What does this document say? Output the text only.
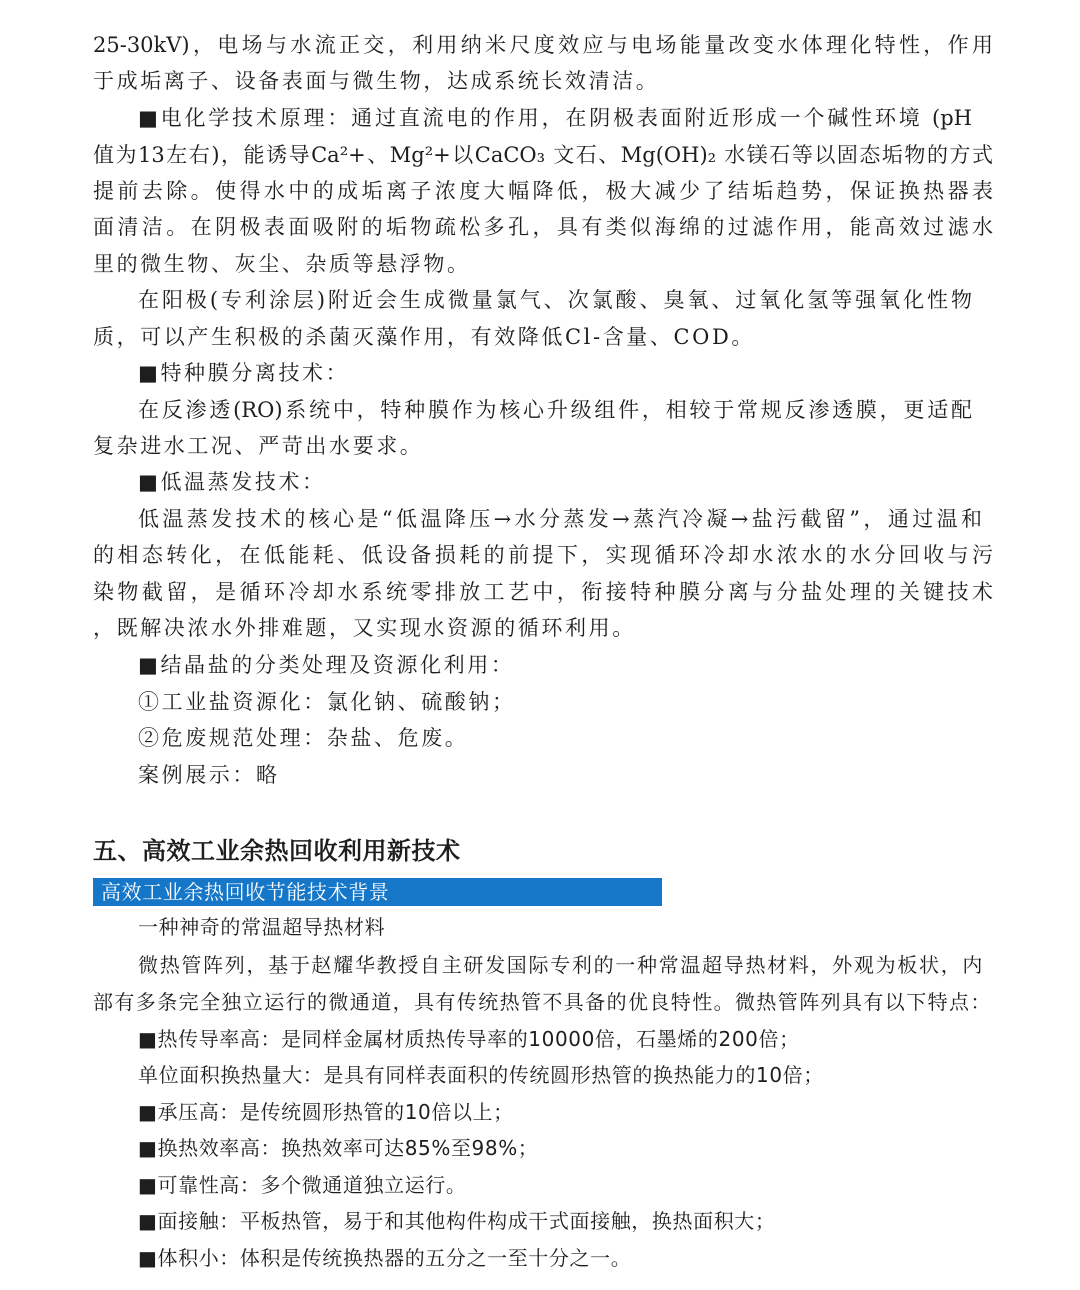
25-30kV)，电场与水流正交，利用纳米尺度效应与电场能量改变水体理化特性，作用
于成垢离子、设备表面与微生物，达成系统长效清洁。
■电化学技术原理：通过直流电的作用，在阴极表面附近形成一个碱性环境 (pH
值为13左右)，能诱导Ca²+、Mg²+以CaCO₃ 文石、Mg(OH)₂ 水镁石等以固态垢物的方式
提前去除。使得水中的成垢离子浓度大幅降低，极大减少了结垢趋势，保证换热器表
面清洁。在阴极表面吸附的垢物疏松多孔，具有类似海绵的过滤作用，能高效过滤水
里的微生物、灰尘、杂质等悬浮物。
在阳极(专利涂层)附近会生成微量氯气、次氯酸、臭氧、过氧化氢等强氧化性物
质，可以产生积极的杀菌灭藻作用，有效降低Cl-含量、COD。
■特种膜分离技术：
在反渗透(RO)系统中，特种膜作为核心升级组件，相较于常规反渗透膜，更适配
复杂进水工况、严苛出水要求。
■低温蒸发技术：
低温蒸发技术的核心是“低温降压→水分蒸发→蒸汽冷凝→盐污截留”，通过温和
的相态转化，在低能耗、低设备损耗的前提下，实现循环冷却水浓水的水分回收与污
染物截留，是循环冷却水系统零排放工艺中，衔接特种膜分离与分盐处理的关键技术
，既解决浓水外排难题，又实现水资源的循环利用。
■结晶盐的分类处理及资源化利用：
①工业盐资源化：氯化钠、硫酸钠；
②危废规范处理：杂盐、危废。
案例展示：略
五、高效工业余热回收利用新技术
高效工业余热回收节能技术背景
一种神奇的常温超导热材料
微热管阵列，基于赵耀华教授自主研发国际专利的一种常温超导热材料，外观为板状，内
部有多条完全独立运行的微通道，具有传统热管不具备的优良特性。微热管阵列具有以下特点：
■热传导率高：是同样金属材质热传导率的10000倍，石墨烯的200倍；
单位面积换热量大：是具有同样表面积的传统圆形热管的换热能力的10倍；
■承压高：是传统圆形热管的10倍以上；
■换热效率高：换热效率可达85%至98%；
■可靠性高：多个微通道独立运行。
■面接触：平板热管，易于和其他构件构成干式面接触，换热面积大；
■体积小：体积是传统换热器的五分之一至十分之一。
